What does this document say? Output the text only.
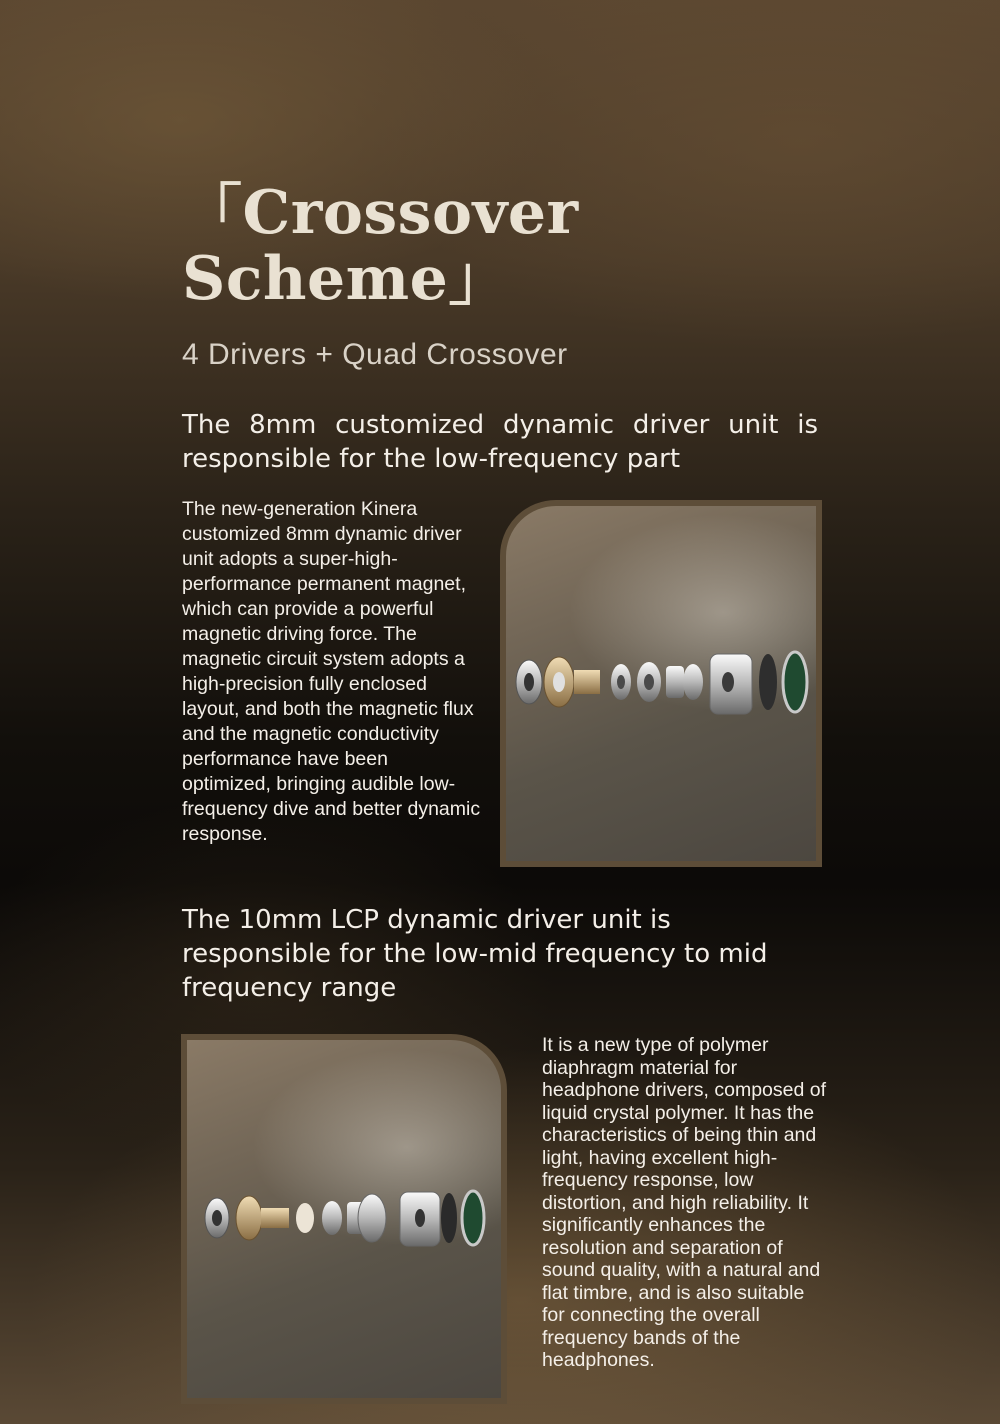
「Crossover
Scheme」
4 Drivers + Quad Crossover
The 8mm customized dynamic driver unit is responsible for the low-frequency part

The new-generation Kinera customized 8mm dynamic driver unit adopts a super-high-performance permanent magnet, which can provide a powerful magnetic driving force. The magnetic circuit system adopts a high-precision fully enclosed layout, and both the magnetic flux and the magnetic conductivity performance have been optimized, bringing audible low-frequency dive and better dynamic response.

The 10mm LCP dynamic driver unit is responsible for the low-mid frequency to mid frequency range

It is a new type of polymer diaphragm material for headphone drivers, composed of liquid crystal polymer. It has the characteristics of being thin and light, having excellent high-frequency response, low distortion, and high reliability. It significantly enhances the resolution and separation of sound quality, with a natural and flat timbre, and is also suitable for connecting the overall frequency bands of the headphones.
